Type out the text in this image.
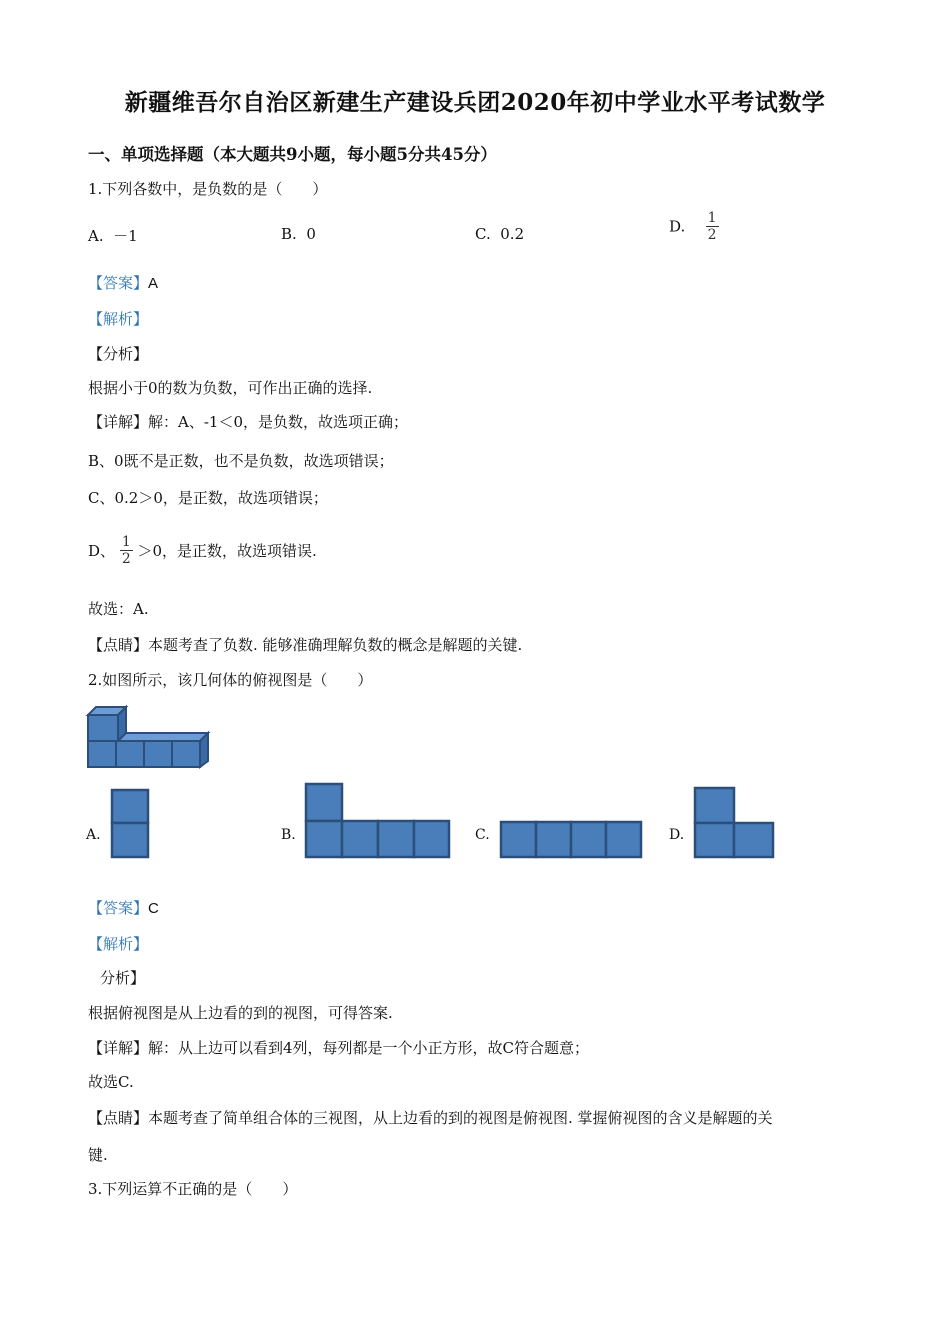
新疆维吾尔自治区新建生产建设兵团2020年初中学业水平考试数学
一、单项选择题（本大题共9小题，每小题5分共45分）
1.下列各数中，是负数的是（　　）
A. －1	B. 0	C. 0.2	D. $\frac{1}{2}$
【答案】A
【解析】
【分析】
根据小于0的数为负数，可作出正确的选择.
【详解】解：A、-1＜0，是负数，故选项正确；
B、0既不是正数，也不是负数，故选项错误；
C、0.2＞0，是正数，故选项错误；
D、 $\frac{1}{2} >0$，是正数，故选项错误.
故选：A.
【点睛】本题考查了负数. 能够准确理解负数的概念是解题的关键.
2.如图所示，该几何体的俯视图是（　　）
A.	B.	C.	D.
【答案】C
【解析】
分析】
根据俯视图是从上边看的到的视图，可得答案.
【详解】解：从上边可以看到4列，每列都是一个小正方形，故C符合题意；
故选C.
【点睛】本题考查了简单组合体的三视图，从上边看的到的视图是俯视图. 掌握俯视图的含义是解题的关
键.
3.下列运算不正确的是（　　）
